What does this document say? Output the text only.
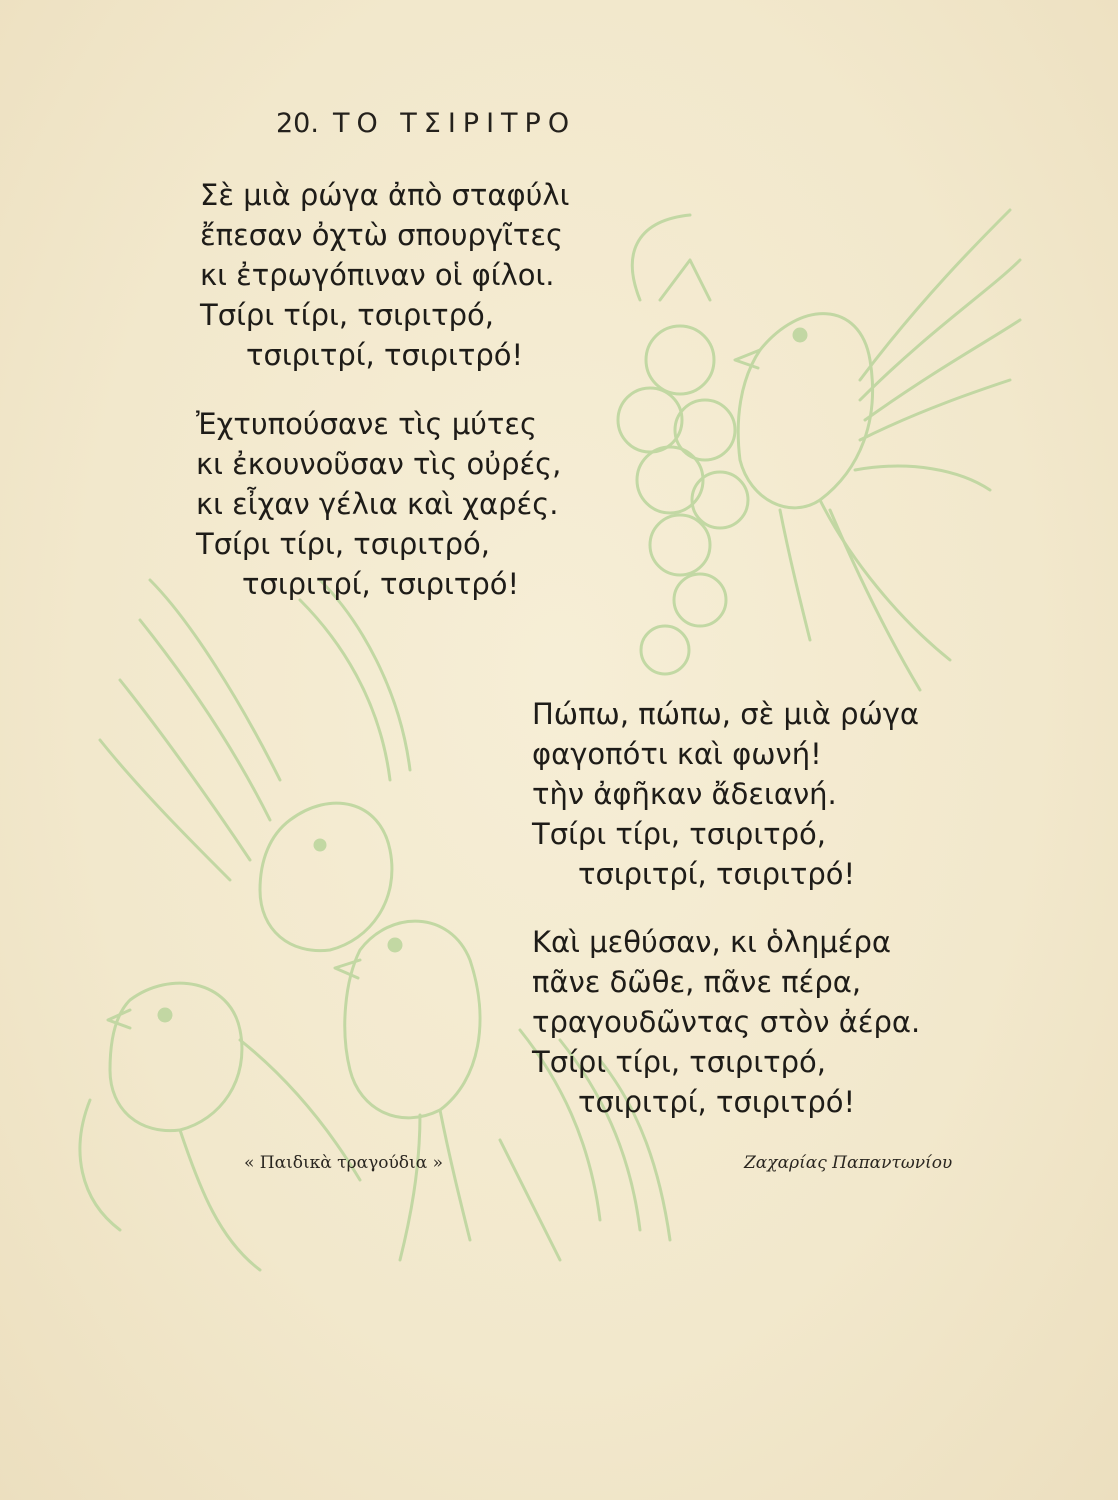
20. ΤΟ ΤΣΙΡΙΤΡΟ
Σὲ μιὰ ρώγα ἀπὸ σταφύλι
ἔπεσαν ὀχτὼ σπουργῖτες
κι ἐτρωγόπιναν οἱ φίλοι.
Τσίρι τίρι, τσιριτρό,
τσιριτρί, τσιριτρό!
Ἐχτυπούσανε τὶς μύτες
κι ἐκουνοῦσαν τὶς οὐρές,
κι εἶχαν γέλια καὶ χαρές.
Τσίρι τίρι, τσιριτρό,
τσιριτρί, τσιριτρό!
Πώπω, πώπω, σὲ μιὰ ρώγα
φαγοπότι καὶ φωνή!
τὴν ἀφῆκαν ἄδειανή.
Τσίρι τίρι, τσιριτρό,
τσιριτρί, τσιριτρό!
Καὶ μεθύσαν, κι ὁλημέρα
πᾶνε δῶθε, πᾶνε πέρα,
τραγουδῶντας στὸν ἀέρα.
Τσίρι τίρι, τσιριτρό,
τσιριτρί, τσιριτρό!
« Παιδικὰ τραγούδια »	Ζαχαρίας Παπαντωνίου
